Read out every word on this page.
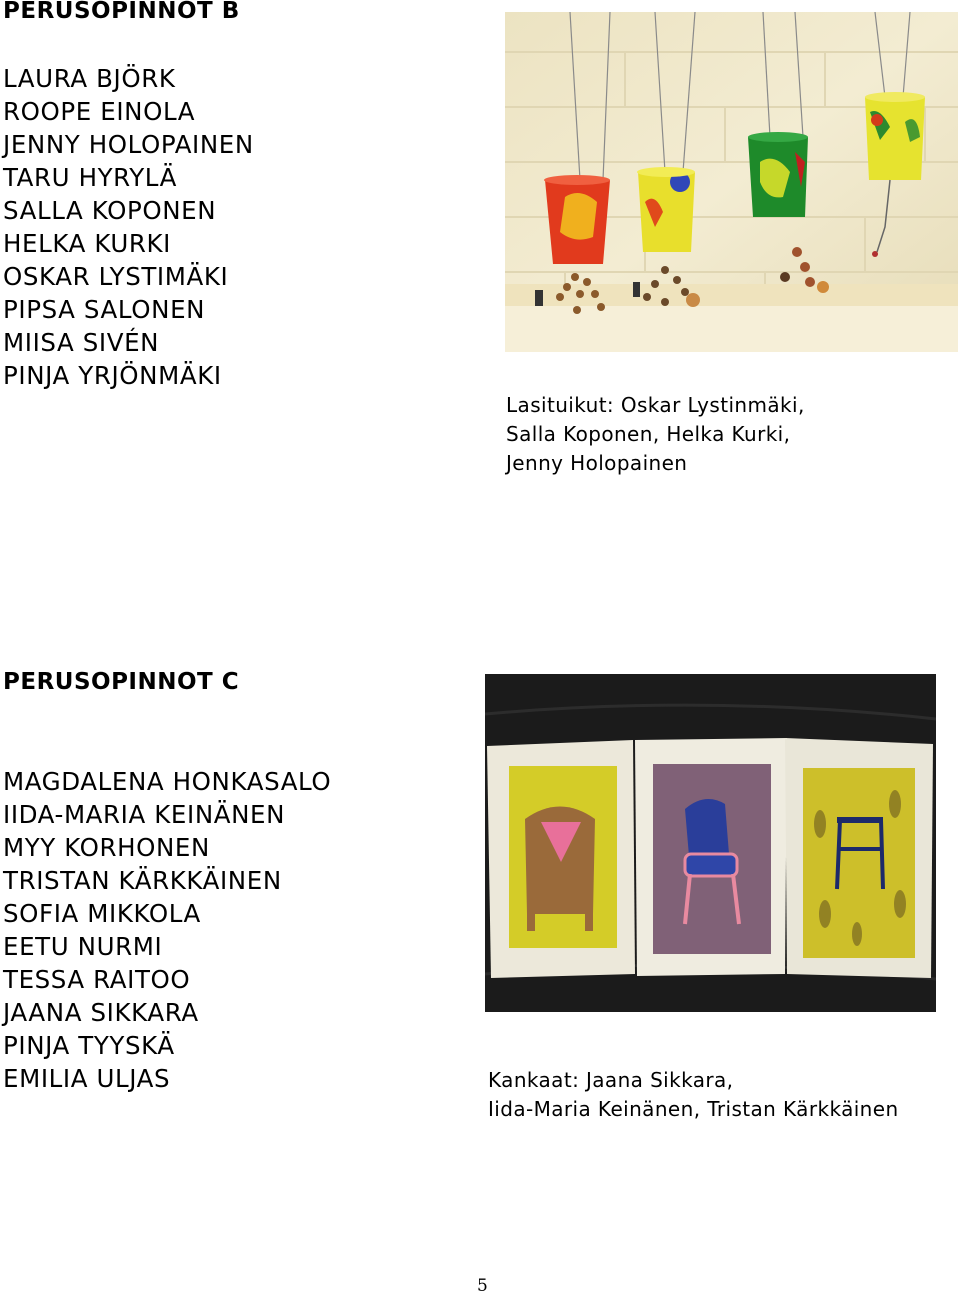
PERUSOPINNOT B
LAURA BJÖRK
ROOPE EINOLA
JENNY HOLOPAINEN
TARU HYRYLÄ
SALLA KOPONEN
HELKA KURKI
OSKAR LYSTIMÄKI
PIPSA SALONEN
MIISA SIVÉN
PINJA YRJÖNMÄKI
Lasituikut: Oskar Lystinmäki,
Salla Koponen, Helka Kurki,
Jenny Holopainen
PERUSOPINNOT C
MAGDALENA HONKASALO
IIDA-MARIA KEINÄNEN
MYY KORHONEN
TRISTAN KÄRKKÄINEN
SOFIA MIKKOLA
EETU NURMI
TESSA RAITOO
JAANA SIKKARA
PINJA TYYSKÄ
EMILIA ULJAS	Kankaat: Jaana Sikkara,
Iida-Maria Keinänen, Tristan Kärkkäinen
5
